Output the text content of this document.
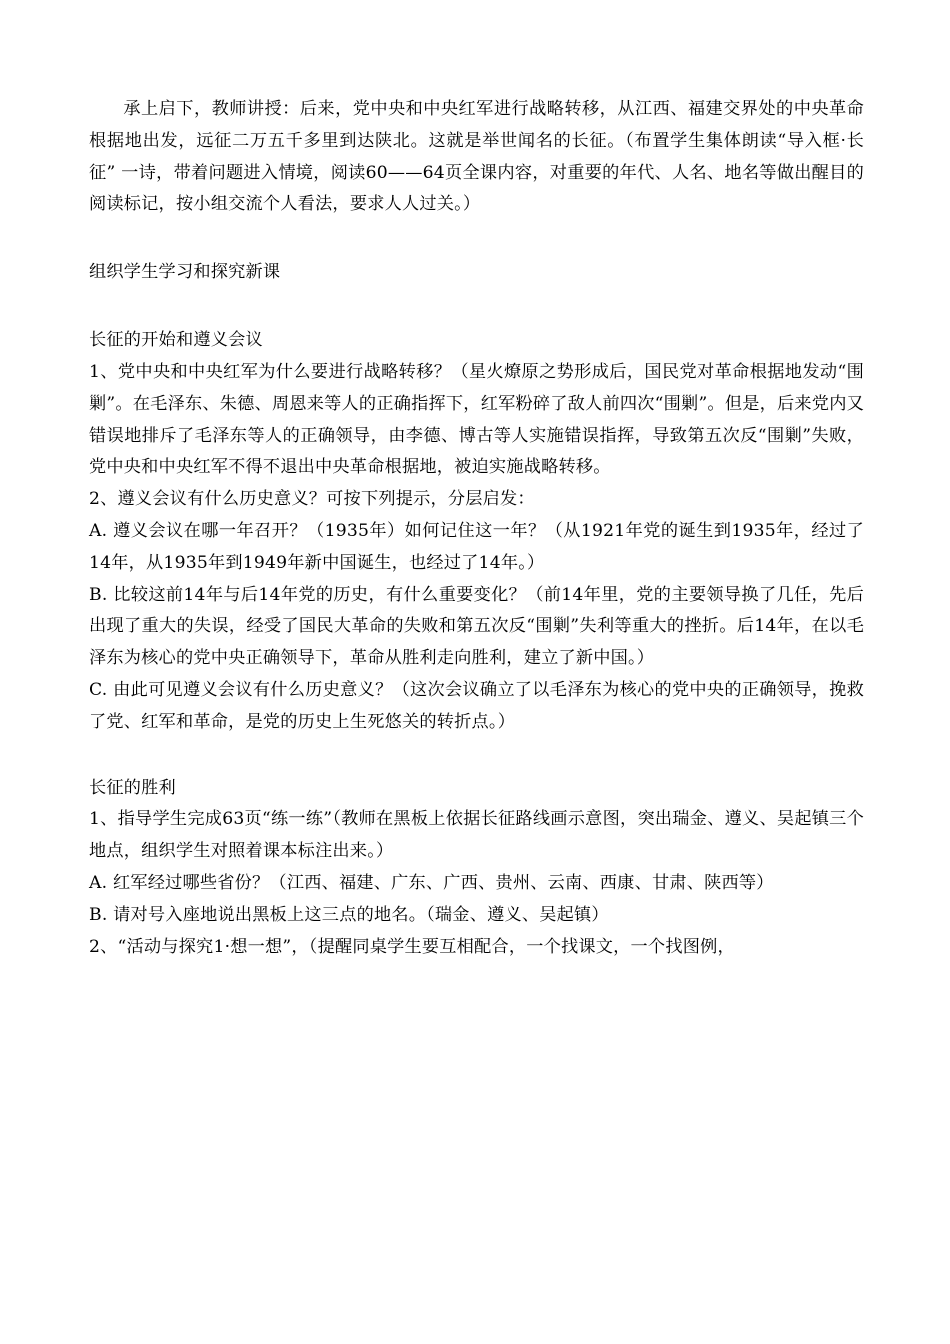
承上启下，教师讲授：后来，党中央和中央红军进行战略转移，从江西、福建交界处的中央革命根据地出发，远征二万五千多里到达陕北。这就是举世闻名的长征。（布置学生集体朗读“导入框·长征” 一诗，带着问题进入情境，阅读60——64页全课内容，对重要的年代、人名、地名等做出醒目的阅读标记，按小组交流个人看法，要求人人过关。）

组织学生学习和探究新课

长征的开始和遵义会议

1、党中央和中央红军为什么要进行战略转移？（星火燎原之势形成后，国民党对革命根据地发动“围剿”。在毛泽东、朱德、周恩来等人的正确指挥下，红军粉碎了敌人前四次“围剿”。但是，后来党内又错误地排斥了毛泽东等人的正确领导，由李德、博古等人实施错误指挥，导致第五次反“围剿”失败，党中央和中央红军不得不退出中央革命根据地，被迫实施战略转移。

2、遵义会议有什么历史意义？可按下列提示，分层启发：

A. 遵义会议在哪一年召开？（1935年）如何记住这一年？（从1921年党的诞生到1935年，经过了14年，从1935年到1949年新中国诞生，也经过了14年。）

B. 比较这前14年与后14年党的历史，有什么重要变化？（前14年里，党的主要领导换了几任，先后出现了重大的失误，经受了国民大革命的失败和第五次反“围剿”失利等重大的挫折。后14年，在以毛泽东为核心的党中央正确领导下，革命从胜利走向胜利，建立了新中国。）

C. 由此可见遵义会议有什么历史意义？（这次会议确立了以毛泽东为核心的党中央的正确领导，挽救了党、红军和革命，是党的历史上生死悠关的转折点。）

长征的胜利

1、指导学生完成63页“练一练”（教师在黑板上依据长征路线画示意图，突出瑞金、遵义、吴起镇三个地点，组织学生对照着课本标注出来。）

A. 红军经过哪些省份？（江西、福建、广东、广西、贵州、云南、西康、甘肃、陕西等）

B. 请对号入座地说出黑板上这三点的地名。（瑞金、遵义、吴起镇）

2、“活动与探究1·想一想”，（提醒同桌学生要互相配合，一个找课文，一个找图例，
